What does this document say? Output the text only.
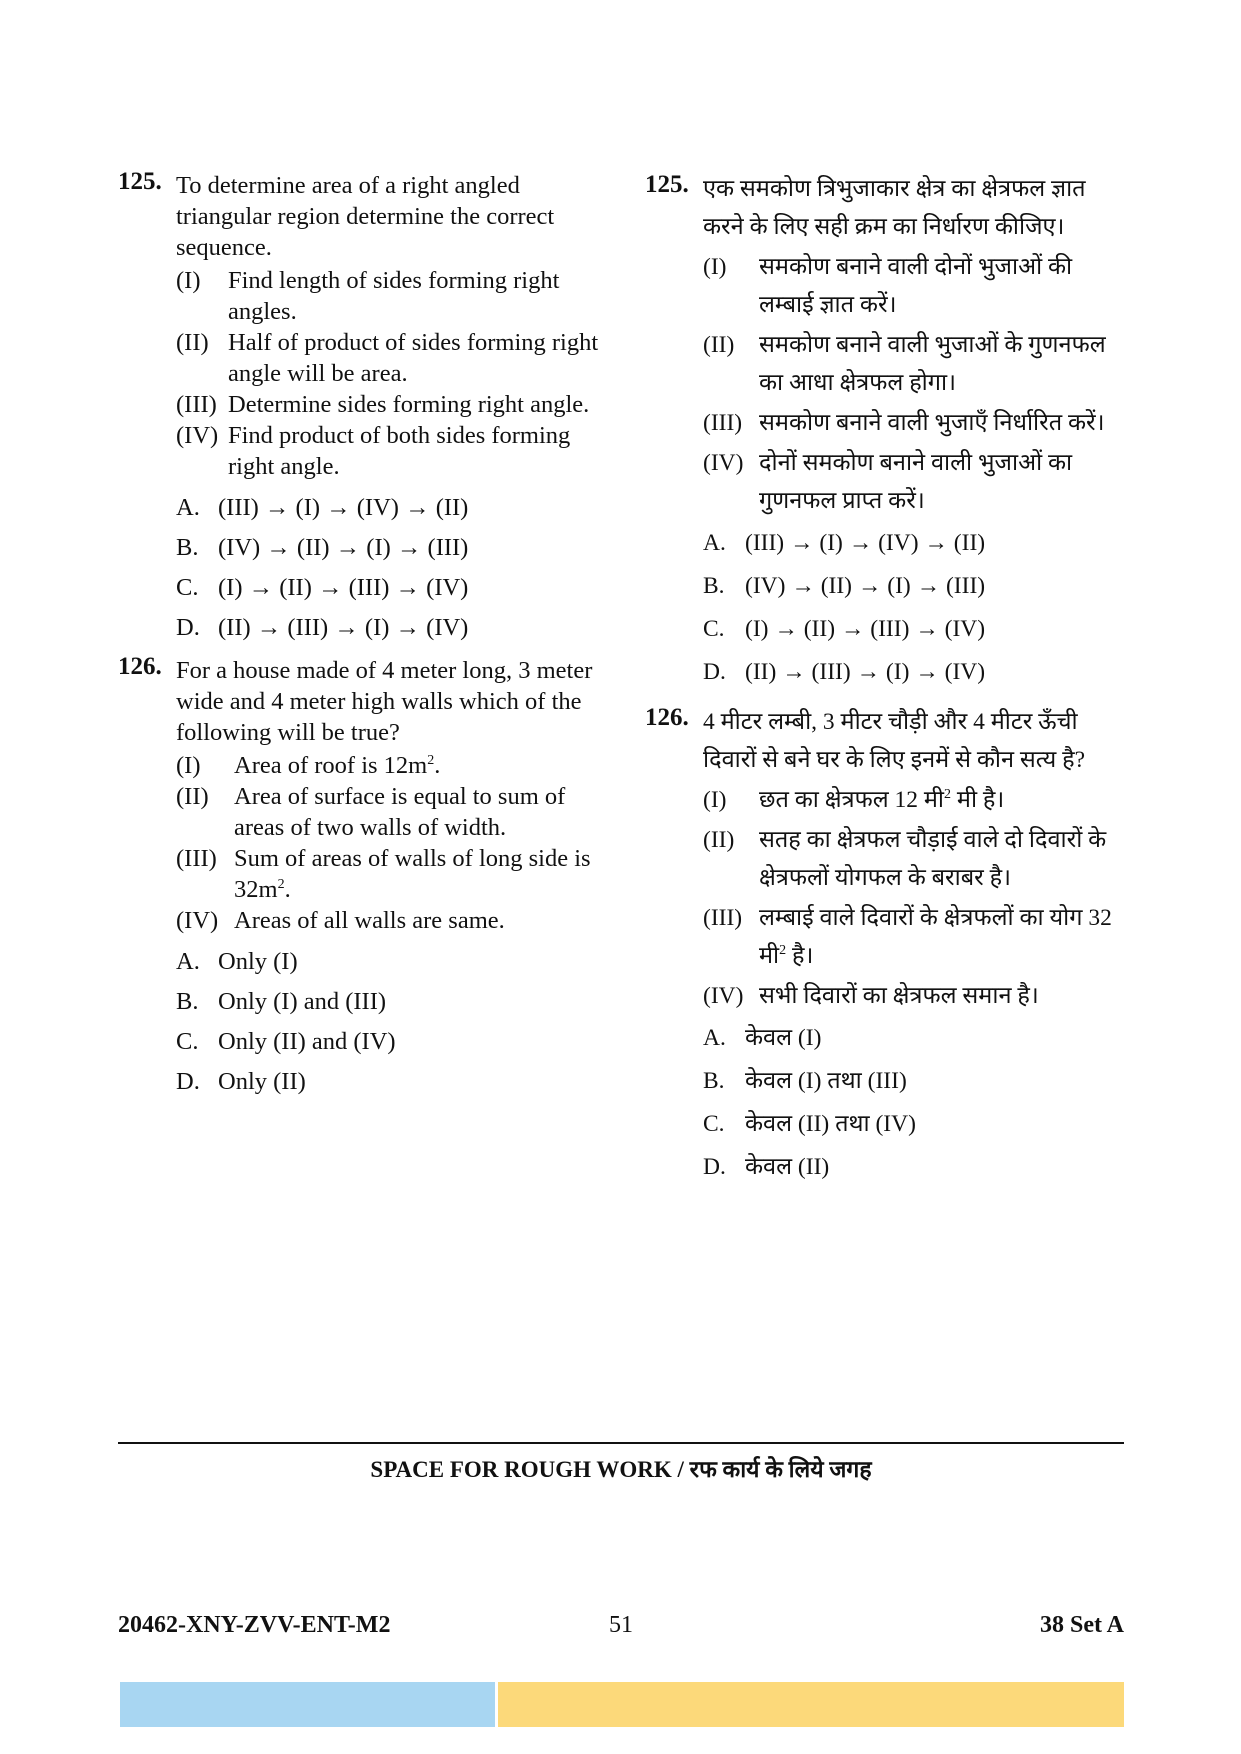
125. To determine area of a right angled triangular region determine the correct sequence.
(I) Find length of sides forming right angles.
(II) Half of product of sides forming right angle will be area.
(III) Determine sides forming right angle.
(IV) Find product of both sides forming right angle.
A. (III) → (I) → (IV) → (II)
B. (IV) → (II) → (I) → (III)
C. (I) → (II) → (III) → (IV)
D. (II) → (III) → (I) → (IV)
126. For a house made of 4 meter long, 3 meter wide and 4 meter high walls which of the following will be true?
(I) Area of roof is $12m^2$.
(II) Area of surface is equal to sum of areas of two walls of width.
(III) Sum of areas of walls of long side is $32m^2$.
(IV) Areas of all walls are same.
A. Only (I)
B. Only (I) and (III)
C. Only (II) and (IV)
D. Only (II)
125. एक समकोण त्रिभुजाकार क्षेत्र का क्षेत्रफल ज्ञात करने के लिए सही क्रम का निर्धारण कीजिए।
(I) समकोण बनाने वाली दोनों भुजाओं की लम्बाई ज्ञात करें।
(II) समकोण बनाने वाली भुजाओं के गुणनफल का आधा क्षेत्रफल होगा।
(III) समकोण बनाने वाली भुजाएँ निर्धारित करें।
(IV) दोनों समकोण बनाने वाली भुजाओं का गुणनफल प्राप्त करें।
A. (III) → (I) → (IV) → (II)
B. (IV) → (II) → (I) → (III)
C. (I) → (II) → (III) → (IV)
D. (II) → (III) → (I) → (IV)
126. 4 मीटर लम्बी, 3 मीटर चौड़ी और 4 मीटर ऊँची दिवारों से बने घर के लिए इनमें से कौन सत्य है?
(I) छत का क्षेत्रफल 12 मी$^2$ मी है।
(II) सतह का क्षेत्रफल चौड़ाई वाले दो दिवारों के क्षेत्रफलों योगफल के बराबर है।
(III) लम्बाई वाले दिवारों के क्षेत्रफलों का योग 32 मी$^2$ है।
(IV) सभी दिवारों का क्षेत्रफल समान है।
A. केवल (I)
B. केवल (I) तथा (III)
C. केवल (II) तथा (IV)
D. केवल (II)
SPACE FOR ROUGH WORK / रफ कार्य के लिये जगह
20462-XNY-ZVV-ENT-M2	51	38 Set A
